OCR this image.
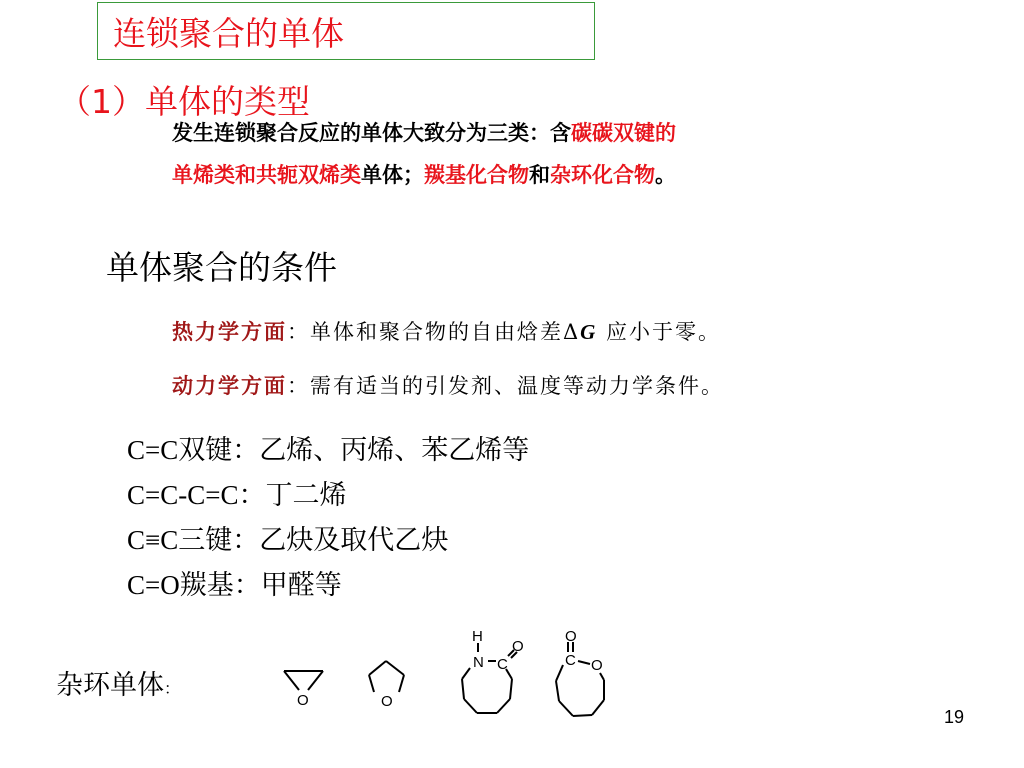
连锁聚合的单体
（1）单体的类型
发生连锁聚合反应的单体大致分为三类：含碳碳双键的
单烯类和共轭双烯类单体；羰基化合物和杂环化合物。
单体聚合的条件
热力学方面：单体和聚合物的自由焓差ΔG 应小于零。
动力学方面：需有适当的引发剂、温度等动力学条件。
C=C双键：乙烯、丙烯、苯乙烯等
C=C-C=C：丁二烯
C≡C三键：乙炔及取代乙炔
C=O羰基：甲醛等
杂环单体：
O	O
H
N C
O
O
C O
19
